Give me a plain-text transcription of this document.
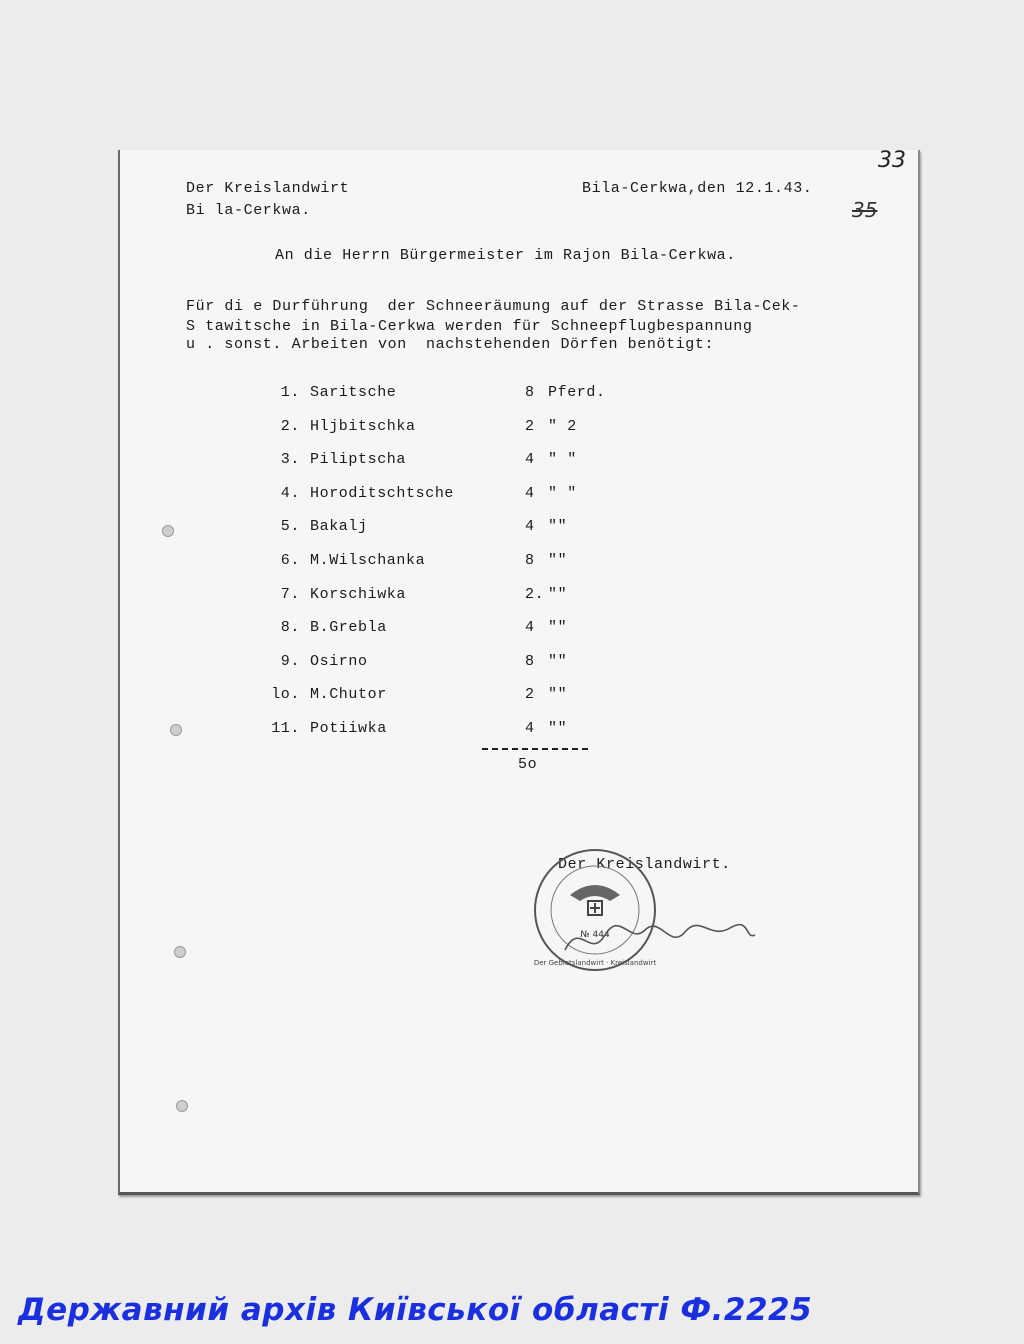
33
35
Der Kreislandwirt
Bi la-Cerkwa.
Bila-Cerkwa,den 12.1.43.
An die Herrn Bürgermeister im Rajon Bila-Cerkwa.
Für di e Durführung  der Schneeräumung auf der Strasse Bila-Cek-
S tawitsche in Bila-Cerkwa werden für Schneepflugbespannung
u . sonst. Arbeiten von  nachstehenden Dörfen benötigt:
1. Saritsche	8 Pferd.
2. Hljbitschka	2 " 2
3. Piliptscha	4 " "
4. Horoditschtsche	4 " "
5. Bakalj	4 ""
6. M.Wilschanka	8 ""
7. Korschiwka	2. ""
8. B.Grebla	4 ""
9. Osirno	8 ""
lo. M.Chutor	2 ""
11. Potiiwka	4 ""
5o
Der Kreislandwirt.
№ 444
Der Gebietslandwirt · Kreislandwirt
Державний архів Київської області Ф.2225
